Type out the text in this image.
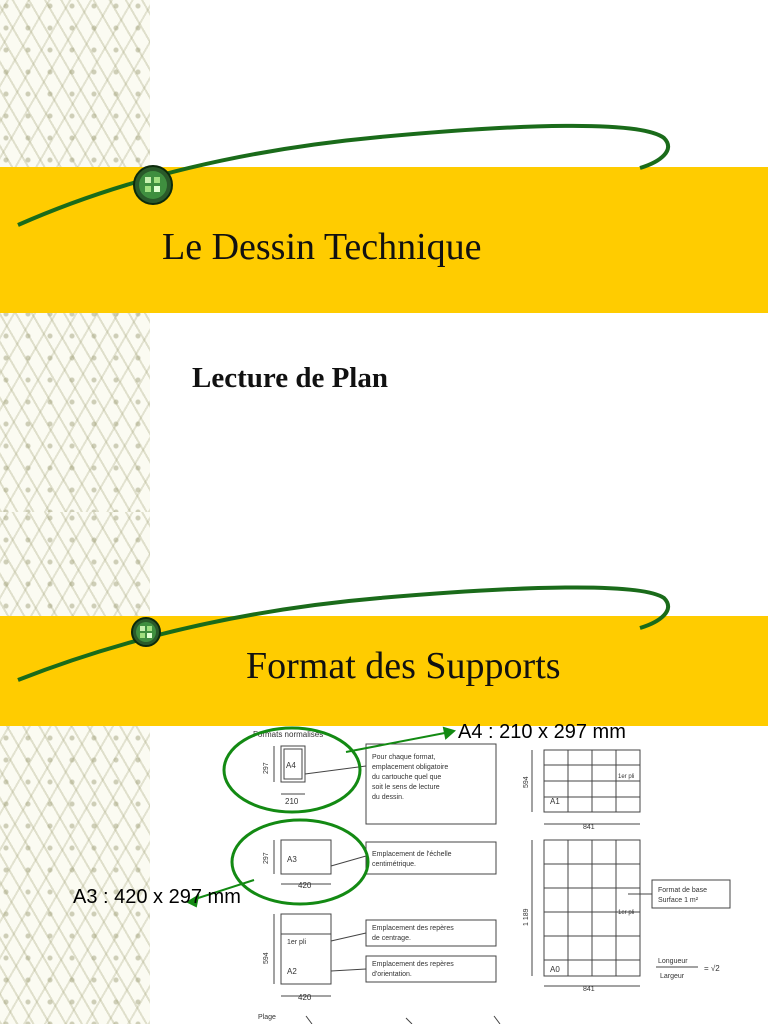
Le Dessin Technique
Lecture de Plan
Format des Supports
Formats normalisés
A4
210
297
Pour chaque format,
emplacement obligatoire
du cartouche quel que
soit le sens de lecture
du dessin.
A3
420
297	Emplacement de l'échelle
centimétrique.
1er pli
A2
420
594
Emplacement des repères
de centrage.
Emplacement des repères
d'orientation.
A1
1er pli
841
594
A0
1er pli
841
1 189
Format de base
Surface 1 m²
Longueur
Largeur
= √2
Plage
A4 : 210 x 297 mm
A3 : 420 x 297 mm
